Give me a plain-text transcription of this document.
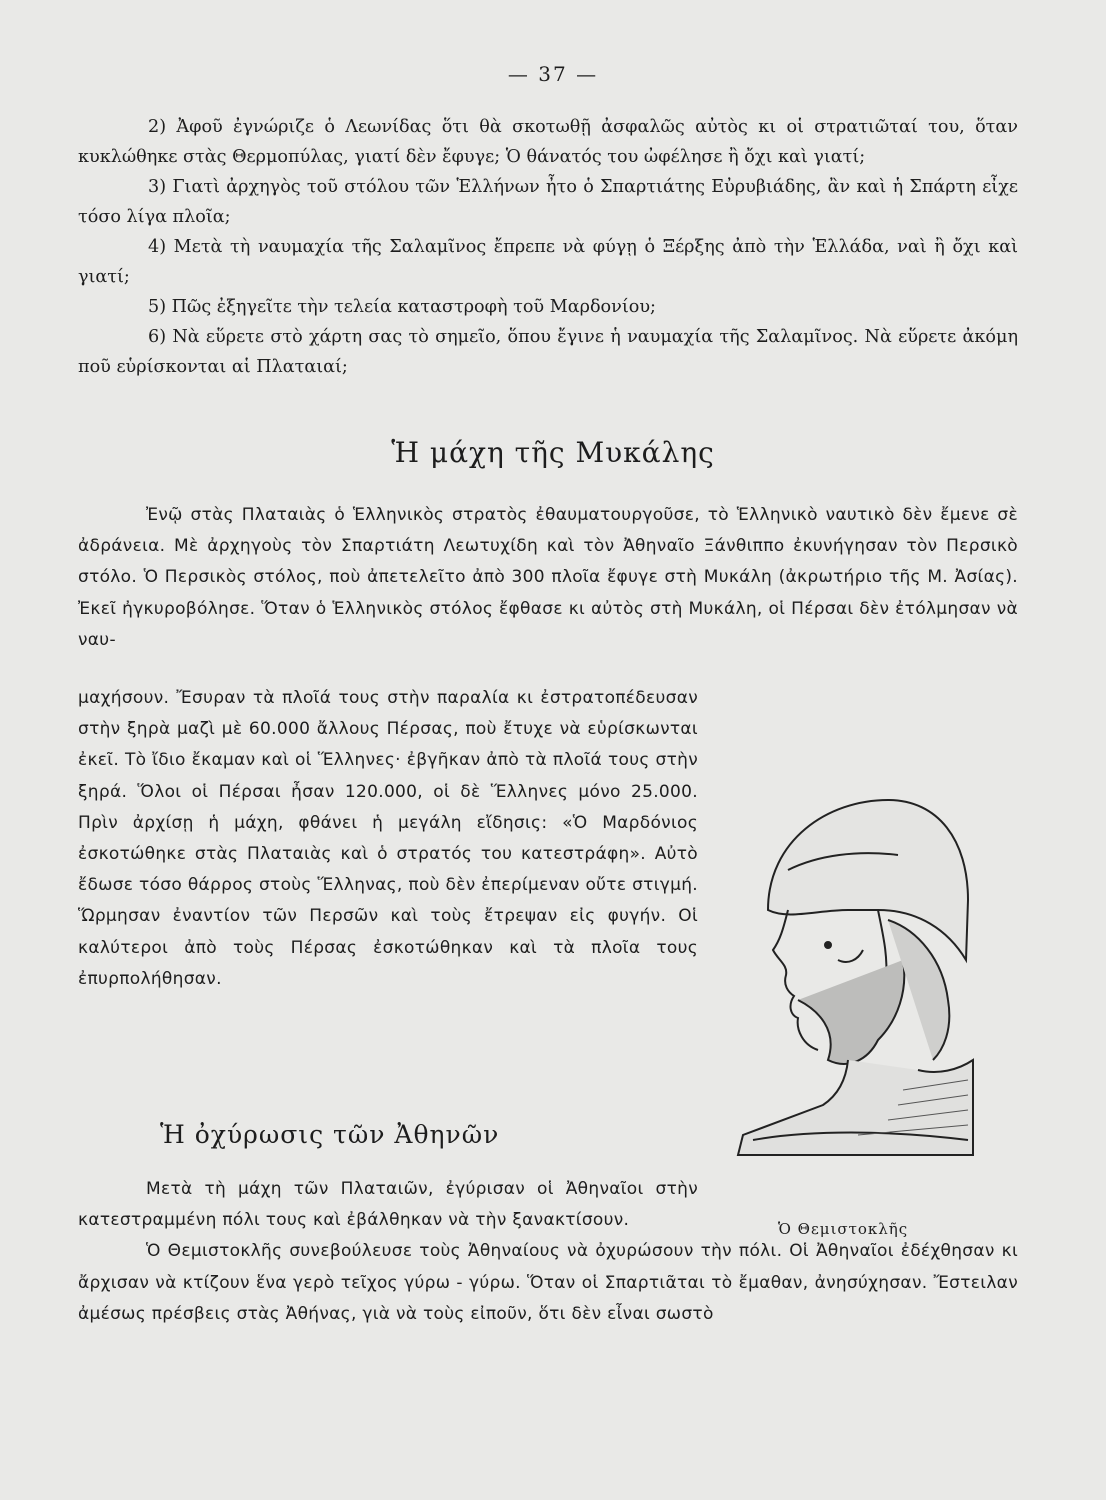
— 37 —

2) Ἀφοῦ ἐγνώριζε ὁ Λεωνίδας ὅτι θὰ σκοτωθῇ ἀσφαλῶς αὐτὸς κι οἱ στρατιῶταί του, ὅταν κυκλώθηκε στὰς Θερμοπύλας, γιατί δὲν ἔφυγε; Ὁ θάνατός του ὠφέλησε ἢ ὄχι καὶ γιατί;

3) Γιατὶ ἀρχηγὸς τοῦ στόλου τῶν Ἑλλήνων ἦτο ὁ Σπαρτιάτης Εὐρυβιάδης, ἂν καὶ ἡ Σπάρτη εἶχε τόσο λίγα πλοῖα;

4) Μετὰ τὴ ναυμαχία τῆς Σαλαμῖνος ἔπρεπε νὰ φύγῃ ὁ Ξέρξης ἀπὸ τὴν Ἑλλάδα, ναὶ ἢ ὄχι καὶ γιατί;

5) Πῶς ἐξηγεῖτε τὴν τελεία καταστροφὴ τοῦ Μαρδονίου;

6) Νὰ εὕρετε στὸ χάρτη σας τὸ σημεῖο, ὅπου ἔγινε ἡ ναυμαχία τῆς Σαλαμῖνος. Νὰ εὕρετε ἀκόμη ποῦ εὑρίσκονται αἱ Πλαταιαί;

Ἡ μάχη τῆς Μυκάλης

Ἐνῷ στὰς Πλαταιὰς ὁ Ἑλληνικὸς στρατὸς ἐθαυματουργοῦσε, τὸ Ἑλληνικὸ ναυτικὸ δὲν ἔμενε σὲ ἀδράνεια. Μὲ ἀρχηγοὺς τὸν Σπαρτιάτη Λεωτυχίδη καὶ τὸν Ἀθηναῖο Ξάνθιππο ἐκυνήγησαν τὸν Περσικὸ στόλο. Ὁ Περσικὸς στόλος, ποὺ ἀπετελεῖτο ἀπὸ 300 πλοῖα ἔφυγε στὴ Μυκάλη (ἀκρωτήριο τῆς Μ. Ἀσίας). Ἐκεῖ ἠγκυροβόλησε. Ὅταν ὁ Ἑλληνικὸς στόλος ἔφθασε κι αὐτὸς στὴ Μυκάλη, οἱ Πέρσαι δὲν ἐτόλμησαν νὰ ναυ-

μαχήσουν. Ἔσυραν τὰ πλοῖά τους στὴν παραλία κι ἐστρατοπέδευσαν στὴν ξηρὰ μαζὶ μὲ 60.000 ἄλλους Πέρσας, ποὺ ἔτυχε νὰ εὑρίσκωνται ἐκεῖ. Τὸ ἴδιο ἔκαμαν καὶ οἱ Ἕλληνες· ἐβγῆκαν ἀπὸ τὰ πλοῖά τους στὴν ξηρά. Ὅλοι οἱ Πέρσαι ἦσαν 120.000, οἱ δὲ Ἕλληνες μόνο 25.000. Πρὶν ἀρχίσῃ ἡ μάχη, φθάνει ἡ μεγάλη εἴδησις: «Ὁ Μαρδόνιος ἐσκοτώθηκε στὰς Πλαταιὰς καὶ ὁ στρατός του κατεστράφη». Αὐτὸ ἔδωσε τόσο θάρρος στοὺς Ἕλληνας, ποὺ δὲν ἐπερίμεναν οὔτε στιγμή. Ὥρμησαν ἐναντίον τῶν Περσῶν καὶ τοὺς ἔτρεψαν εἰς φυγήν. Οἱ καλύτεροι ἀπὸ τοὺς Πέρσας ἐσκοτώθηκαν καὶ τὰ πλοῖα τους ἐπυρπολήθησαν.

Ἡ ὀχύρωσις τῶν Ἀθηνῶν
Ὁ Θεμιστοκλῆς

Μετὰ τὴ μάχη τῶν Πλαταιῶν, ἐγύρισαν οἱ Ἀθηναῖοι στὴν κατεστραμμένη πόλι τους καὶ ἐβάλθηκαν νὰ τὴν ξανακτίσουν.

Ὁ Θεμιστοκλῆς συνεβούλευσε τοὺς Ἀθηναίους νὰ ὀχυρώσουν τὴν πόλι. Οἱ Ἀθηναῖοι ἐδέχθησαν κι ἄρχισαν νὰ κτίζουν ἕνα γερὸ τεῖχος γύρω - γύρω. Ὅταν οἱ Σπαρτιᾶται τὸ ἔμαθαν, ἀνησύχησαν. Ἔστειλαν ἀμέσως πρέσβεις στὰς Ἀθήνας, γιὰ νὰ τοὺς εἰποῦν, ὅτι δὲν εἶναι σωστὸ
